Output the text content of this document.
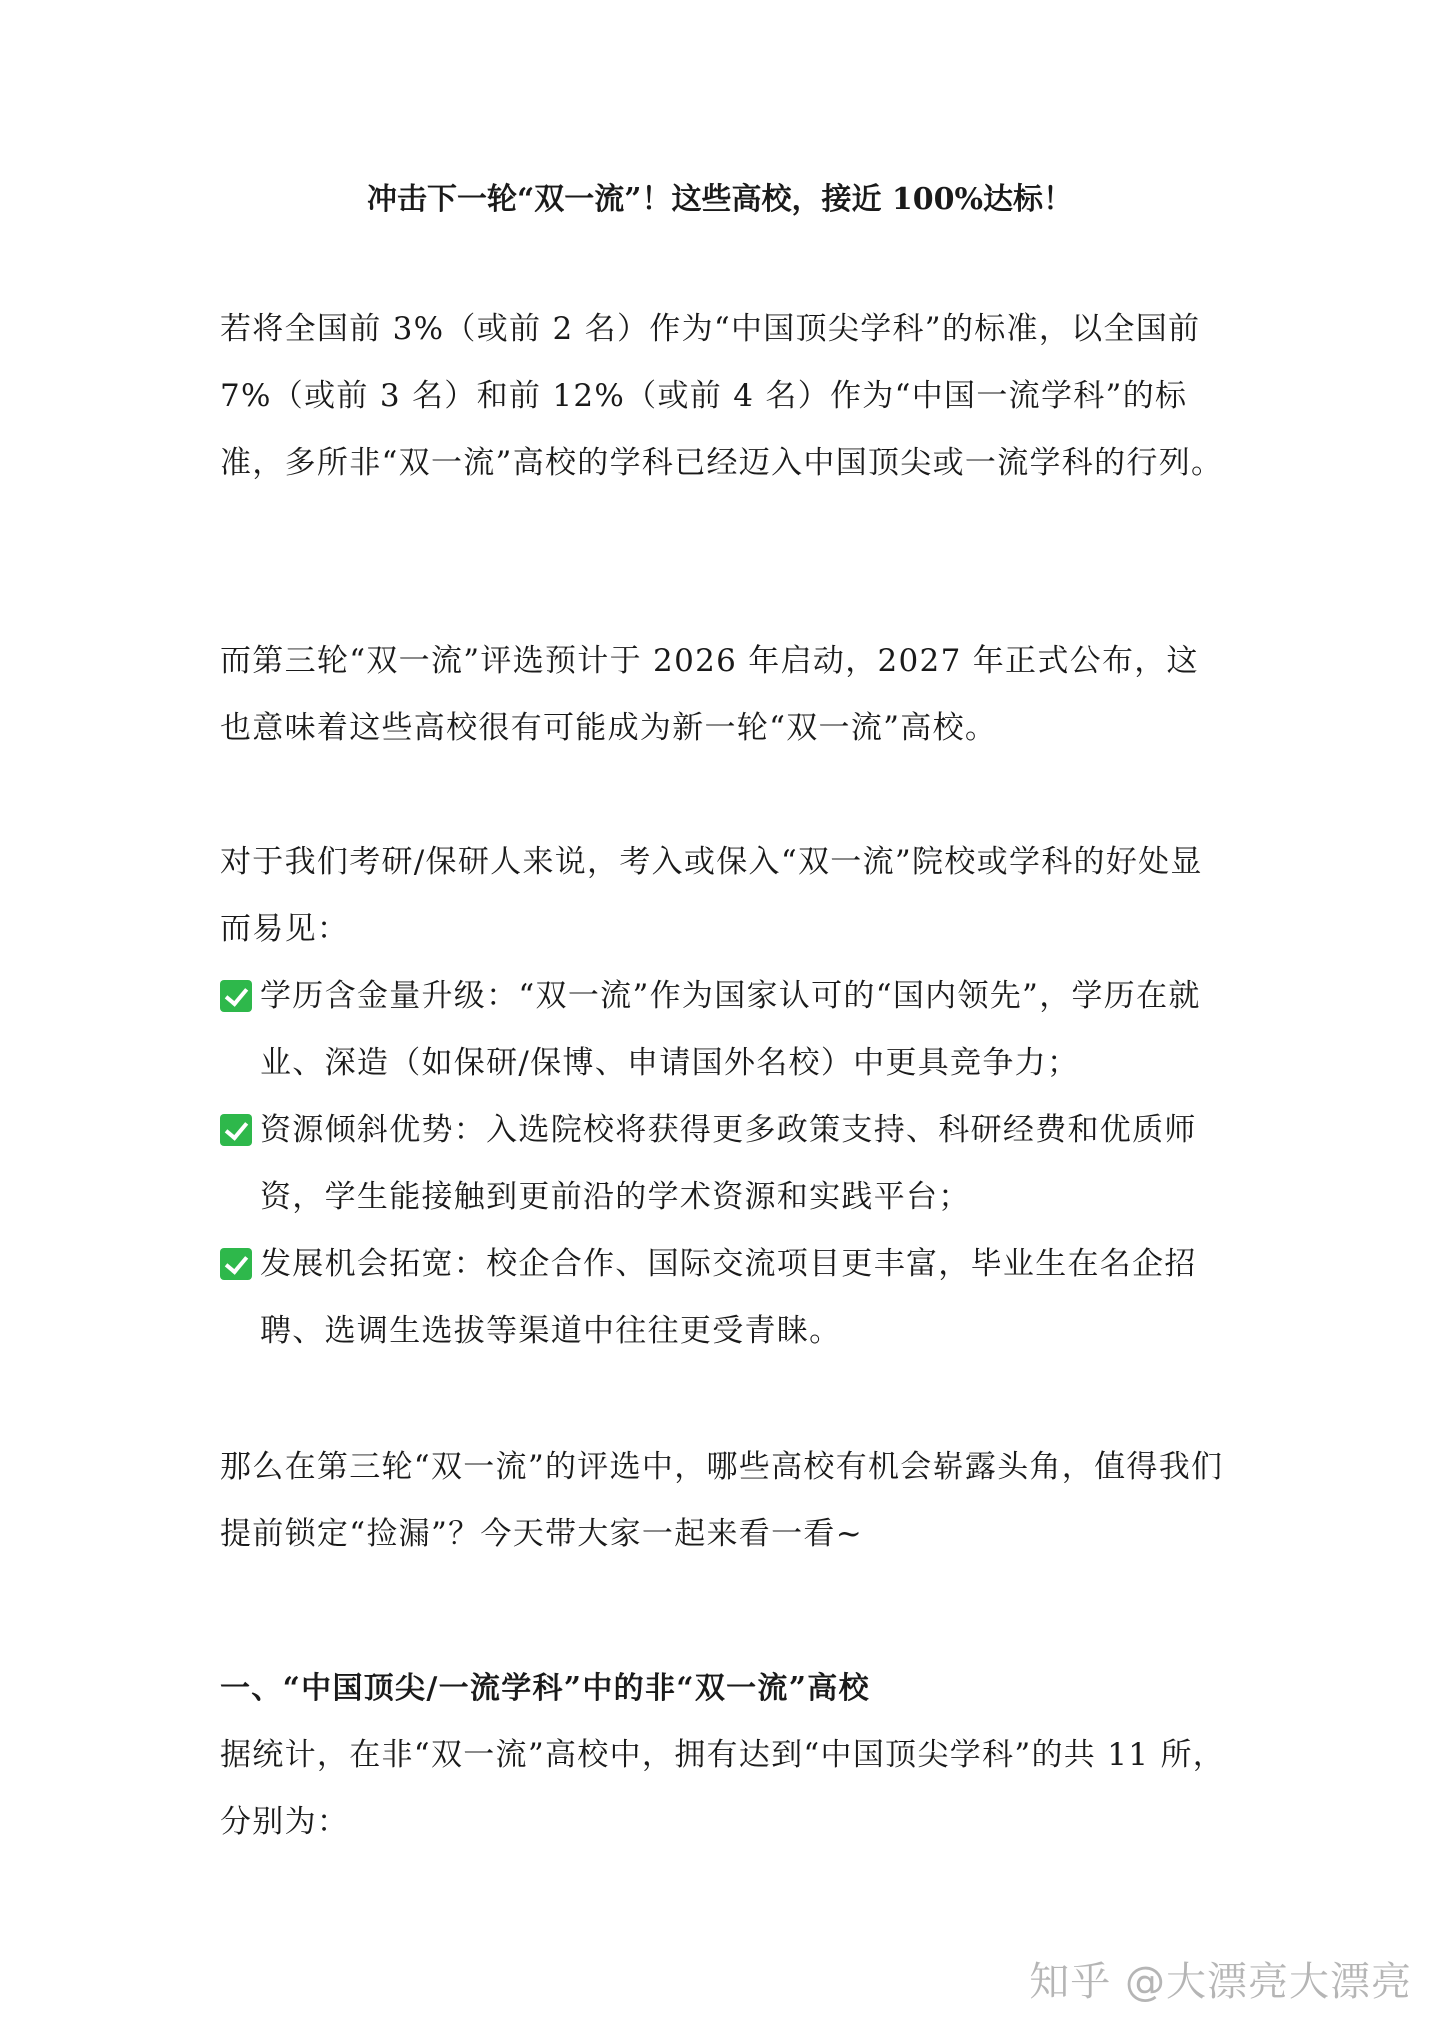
冲击下一轮“双一流”！这些高校，接近 100%达标！

若将全国前 3%（或前 2 名）作为“中国顶尖学科”的标准，以全国前 7%（或前 3 名）和前 12%（或前 4 名）作为“中国一流学科”的标准，多所非“双一流”高校的学科已经迈入中国顶尖或一流学科的行列。

而第三轮“双一流”评选预计于 2026 年启动，2027 年正式公布，这也意味着这些高校很有可能成为新一轮“双一流”高校。

对于我们考研/保研人来说，考入或保入“双一流”院校或学科的好处显而易见：

学历含金量升级：“双一流”作为国家认可的“国内领先”，学历在就业、深造（如保研/保博、申请国外名校）中更具竞争力；
资源倾斜优势：入选院校将获得更多政策支持、科研经费和优质师资，学生能接触到更前沿的学术资源和实践平台；
发展机会拓宽：校企合作、国际交流项目更丰富，毕业生在名企招聘、选调生选拔等渠道中往往更受青睐。

那么在第三轮“双一流”的评选中，哪些高校有机会崭露头角，值得我们提前锁定“捡漏”？今天带大家一起来看一看~

一、“中国顶尖/一流学科”中的非“双一流”高校

据统计，在非“双一流”高校中，拥有达到“中国顶尖学科”的共 11 所，分别为：

知乎 @大漂亮大漂亮
